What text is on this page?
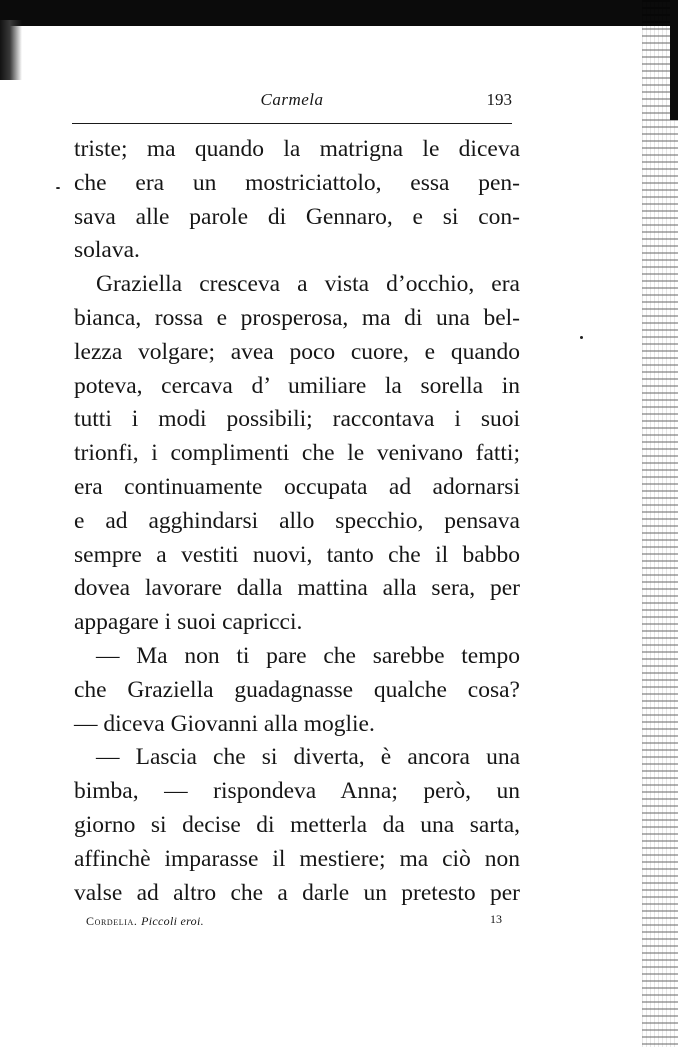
Carmela	193
triste; ma quando la matrigna le diceva
che era un mostriciattolo, essa pen-
sava alle parole di Gennaro, e si con-
solava.
Graziella cresceva a vista d’occhio, era
bianca, rossa e prosperosa, ma di una bel-
lezza volgare; avea poco cuore, e quando
poteva, cercava d’ umiliare la sorella in
tutti i modi possibili; raccontava i suoi
trionfi, i complimenti che le venivano fatti;
era continuamente occupata ad adornarsi
e ad agghindarsi allo specchio, pensava
sempre a vestiti nuovi, tanto che il babbo
dovea lavorare dalla mattina alla sera, per
appagare i suoi capricci.
— Ma non ti pare che sarebbe tempo
che Graziella guadagnasse qualche cosa?
— diceva Giovanni alla moglie.
— Lascia che si diverta, è ancora una
bimba, — rispondeva Anna; però, un
giorno si decise di metterla da una sarta,
affinchè imparasse il mestiere; ma ciò non
valse ad altro che a darle un pretesto per
Cordelia. Piccoli eroi.	13
